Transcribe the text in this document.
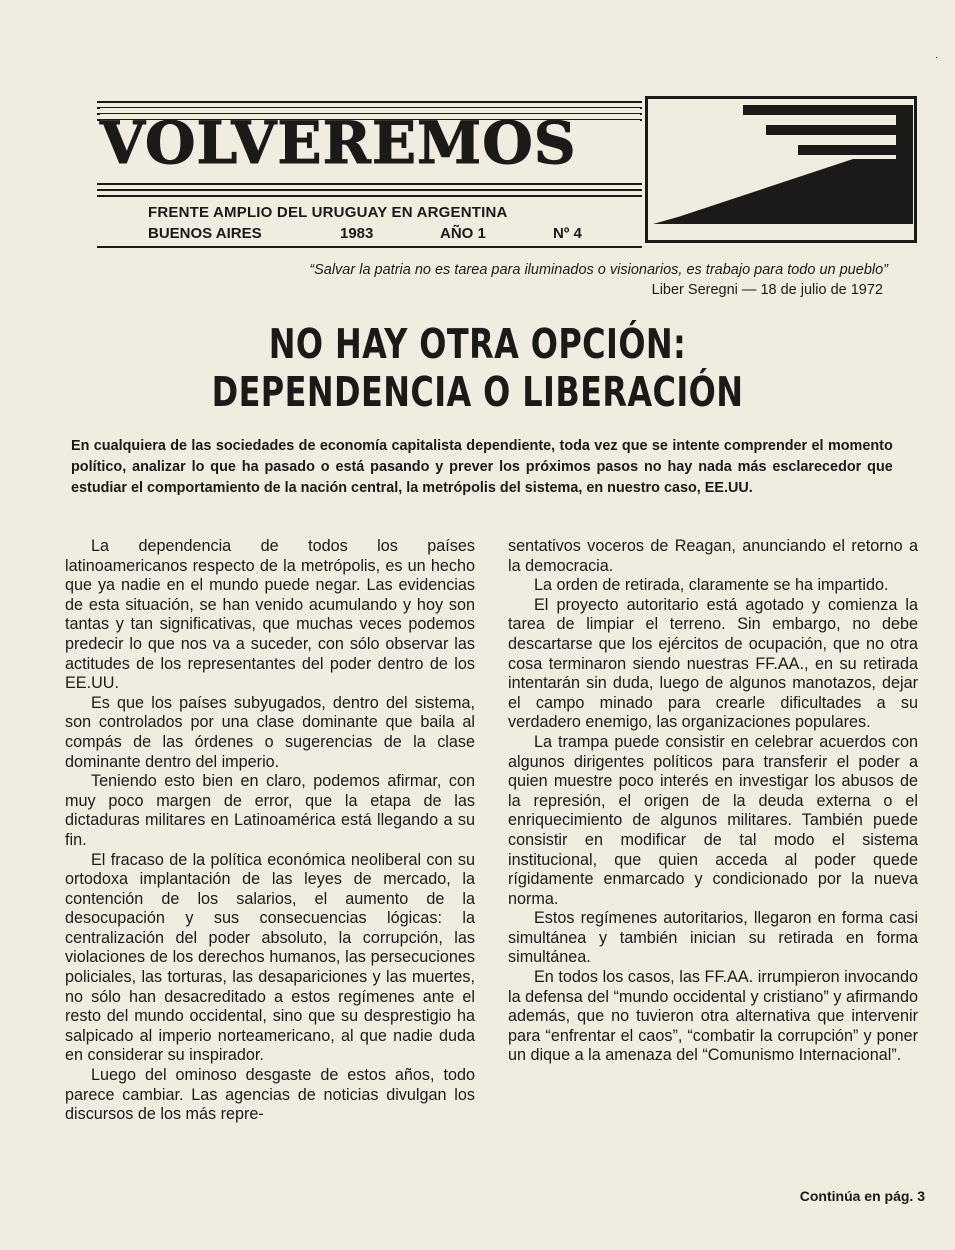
·
VOLVEREMOS
FRENTE AMPLIO DEL URUGUAY EN ARGENTINA
BUENOS AIRES	1983	AÑO 1	Nº 4
“Salvar la patria no es tarea para iluminados o visionarios, es trabajo para todo un pueblo”
Liber Seregni — 18 de julio de 1972
NO HAY OTRA OPCIÓN:
DEPENDENCIA O LIBERACIÓN
En cualquiera de las sociedades de economía capitalista dependiente, toda vez que se intente comprender el momento político, analizar lo que ha pasado o está pasando y prever los próximos pasos no hay nada más esclarecedor que estudiar el comportamiento de la nación central, la metrópolis del sistema, en nuestro caso, EE.UU.

La dependencia de todos los países latinoamericanos respecto de la metrópolis, es un hecho que ya nadie en el mundo puede negar. Las evidencias de esta situación, se han venido acumulando y hoy son tantas y tan significativas, que muchas veces podemos predecir lo que nos va a suceder, con sólo observar las actitudes de los representantes del poder dentro de los EE.UU.

Es que los países subyugados, dentro del sistema, son controlados por una clase dominante que baila al compás de las órdenes o sugerencias de la clase dominante dentro del imperio.

Teniendo esto bien en claro, podemos afirmar, con muy poco margen de error, que la etapa de las dictaduras militares en Latinoamérica está llegando a su fin.

El fracaso de la política económica neoliberal con su ortodoxa implantación de las leyes de mercado, la contención de los salarios, el aumento de la desocupación y sus consecuencias lógicas: la centralización del poder absoluto, la corrupción, las violaciones de los derechos humanos, las persecuciones policiales, las torturas, las desapariciones y las muertes, no sólo han desacreditado a estos regímenes ante el resto del mundo occidental, sino que su desprestigio ha salpicado al imperio norteamericano, al que nadie duda en considerar su inspirador.

Luego del ominoso desgaste de estos años, todo parece cambiar. Las agencias de noticias divulgan los discursos de los más repre-

sentativos voceros de Reagan, anunciando el retorno a la democracia.

La orden de retirada, claramente se ha impartido.

El proyecto autoritario está agotado y comienza la tarea de limpiar el terreno. Sin embargo, no debe descartarse que los ejércitos de ocupación, que no otra cosa terminaron siendo nuestras FF.AA., en su retirada intentarán sin duda, luego de algunos manotazos, dejar el campo minado para crearle dificultades a su verdadero enemigo, las organizaciones populares.

La trampa puede consistir en celebrar acuerdos con algunos dirigentes políticos para transferir el poder a quien muestre poco interés en investigar los abusos de la represión, el origen de la deuda externa o el enriquecimiento de algunos militares. También puede consistir en modificar de tal modo el sistema institucional, que quien acceda al poder quede rígidamente enmarcado y condicionado por la nueva norma.

Estos regímenes autoritarios, llegaron en forma casi simultánea y también inician su retirada en forma simultánea.

En todos los casos, las FF.AA. irrumpieron invocando la defensa del “mundo occidental y cristiano” y afirmando además, que no tuvieron otra alternativa que intervenir para “enfrentar el caos”, “combatir la corrupción” y poner un dique a la amenaza del “Comunismo Internacional”.

Continúa en pág. 3
